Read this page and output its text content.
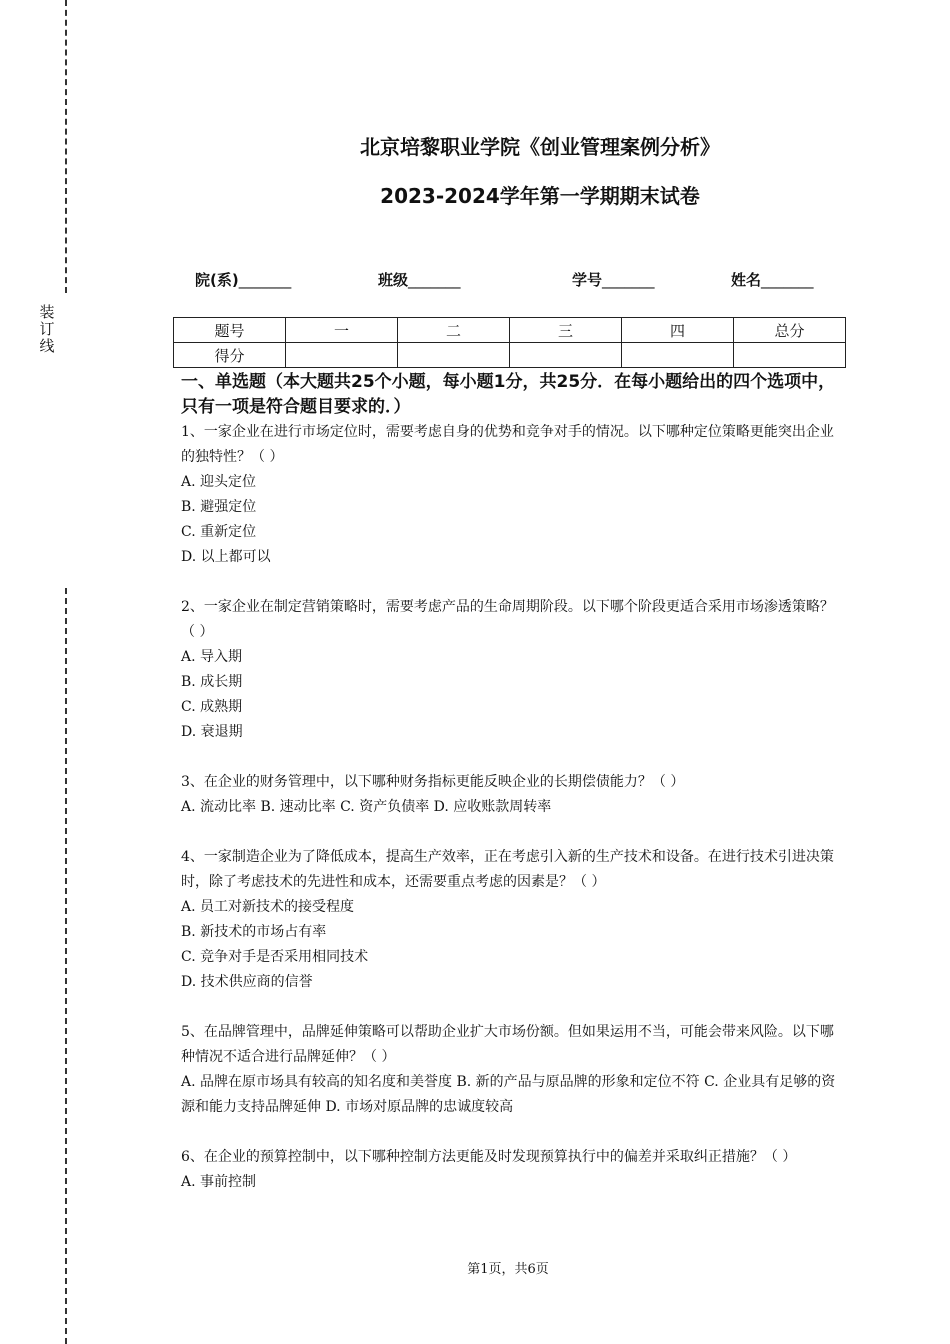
装订线
北京培黎职业学院《创业管理案例分析》
2023-2024学年第一学期期末试卷
院(系)_______	班级_______	学号_______	姓名_______
题号	一	二	三	四	总分
得分					
一、单选题（本大题共25个小题，每小题1分，共25分．在每小题给出的四个选项中，只有一项是符合题目要求的．）

1、一家企业在进行市场定位时，需要考虑自身的优势和竞争对手的情况。以下哪种定位策略更能突出企业的独特性？（ ）

A. 迎头定位

B. 避强定位

C. 重新定位

D. 以上都可以

2、一家企业在制定营销策略时，需要考虑产品的生命周期阶段。以下哪个阶段更适合采用市场渗透策略？（ ）

A. 导入期

B. 成长期

C. 成熟期

D. 衰退期

3、在企业的财务管理中，以下哪种财务指标更能反映企业的长期偿债能力？（ ）

A. 流动比率 B. 速动比率 C. 资产负债率 D. 应收账款周转率

4、一家制造企业为了降低成本，提高生产效率，正在考虑引入新的生产技术和设备。在进行技术引进决策时，除了考虑技术的先进性和成本，还需要重点考虑的因素是？（ ）

A. 员工对新技术的接受程度

B. 新技术的市场占有率

C. 竞争对手是否采用相同技术

D. 技术供应商的信誉

5、在品牌管理中，品牌延伸策略可以帮助企业扩大市场份额。但如果运用不当，可能会带来风险。以下哪种情况不适合进行品牌延伸？（ ）

A. 品牌在原市场具有较高的知名度和美誉度 B. 新的产品与原品牌的形象和定位不符 C. 企业具有足够的资源和能力支持品牌延伸 D. 市场对原品牌的忠诚度较高

6、在企业的预算控制中，以下哪种控制方法更能及时发现预算执行中的偏差并采取纠正措施？（ ）

A. 事前控制

第1页，共6页
